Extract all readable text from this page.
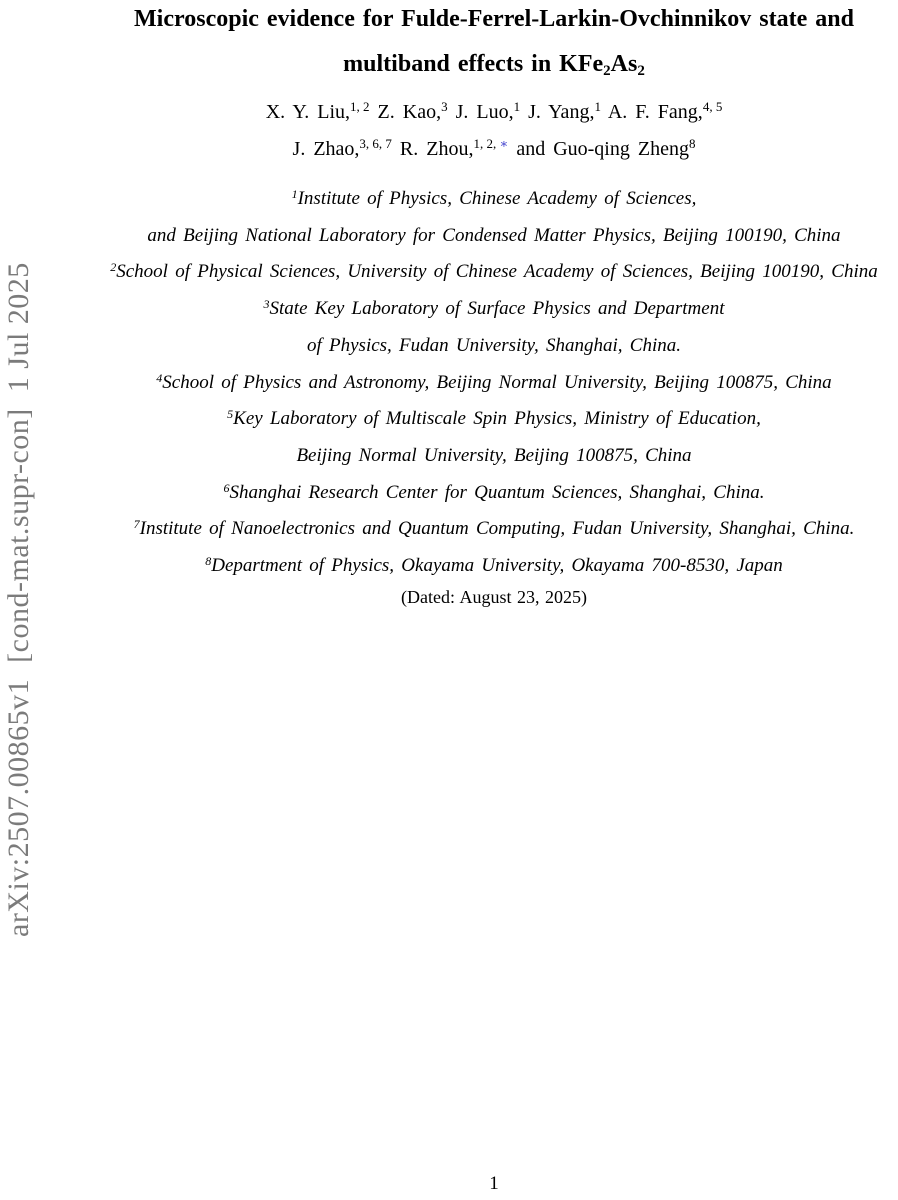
arXiv:2507.00865v1  [cond-mat.supr-con]  1 Jul 2025
Microscopic evidence for Fulde-Ferrel-Larkin-Ovchinnikov state and
multiband effects in $KFe_2As_2$
X. Y. Liu,$^{1, 2}$ Z. Kao,$^3$ J. Luo,$^1$ J. Yang,$^1$ A. F. Fang,$^{4, 5}$
J. Zhao,$^{3, 6, 7}$ R. Zhou,$^{1, 2, ∗}$ and Guo-qing Zheng$^8$
$^1$Institute of Physics, Chinese Academy of Sciences,
and Beijing National Laboratory for Condensed Matter Physics, Beijing 100190, China
$^2$School of Physical Sciences, University of Chinese Academy of Sciences, Beijing 100190, China
$^3$State Key Laboratory of Surface Physics and Department
of Physics, Fudan University, Shanghai, China.
$^4$School of Physics and Astronomy, Beijing Normal University, Beijing 100875, China
$^5$Key Laboratory of Multiscale Spin Physics, Ministry of Education,
Beijing Normal University, Beijing 100875, China
$^6$Shanghai Research Center for Quantum Sciences, Shanghai, China.
$^7$Institute of Nanoelectronics and Quantum Computing, Fudan University, Shanghai, China.
$^8$Department of Physics, Okayama University, Okayama 700-8530, Japan
(Dated: August 23, 2025)
1
